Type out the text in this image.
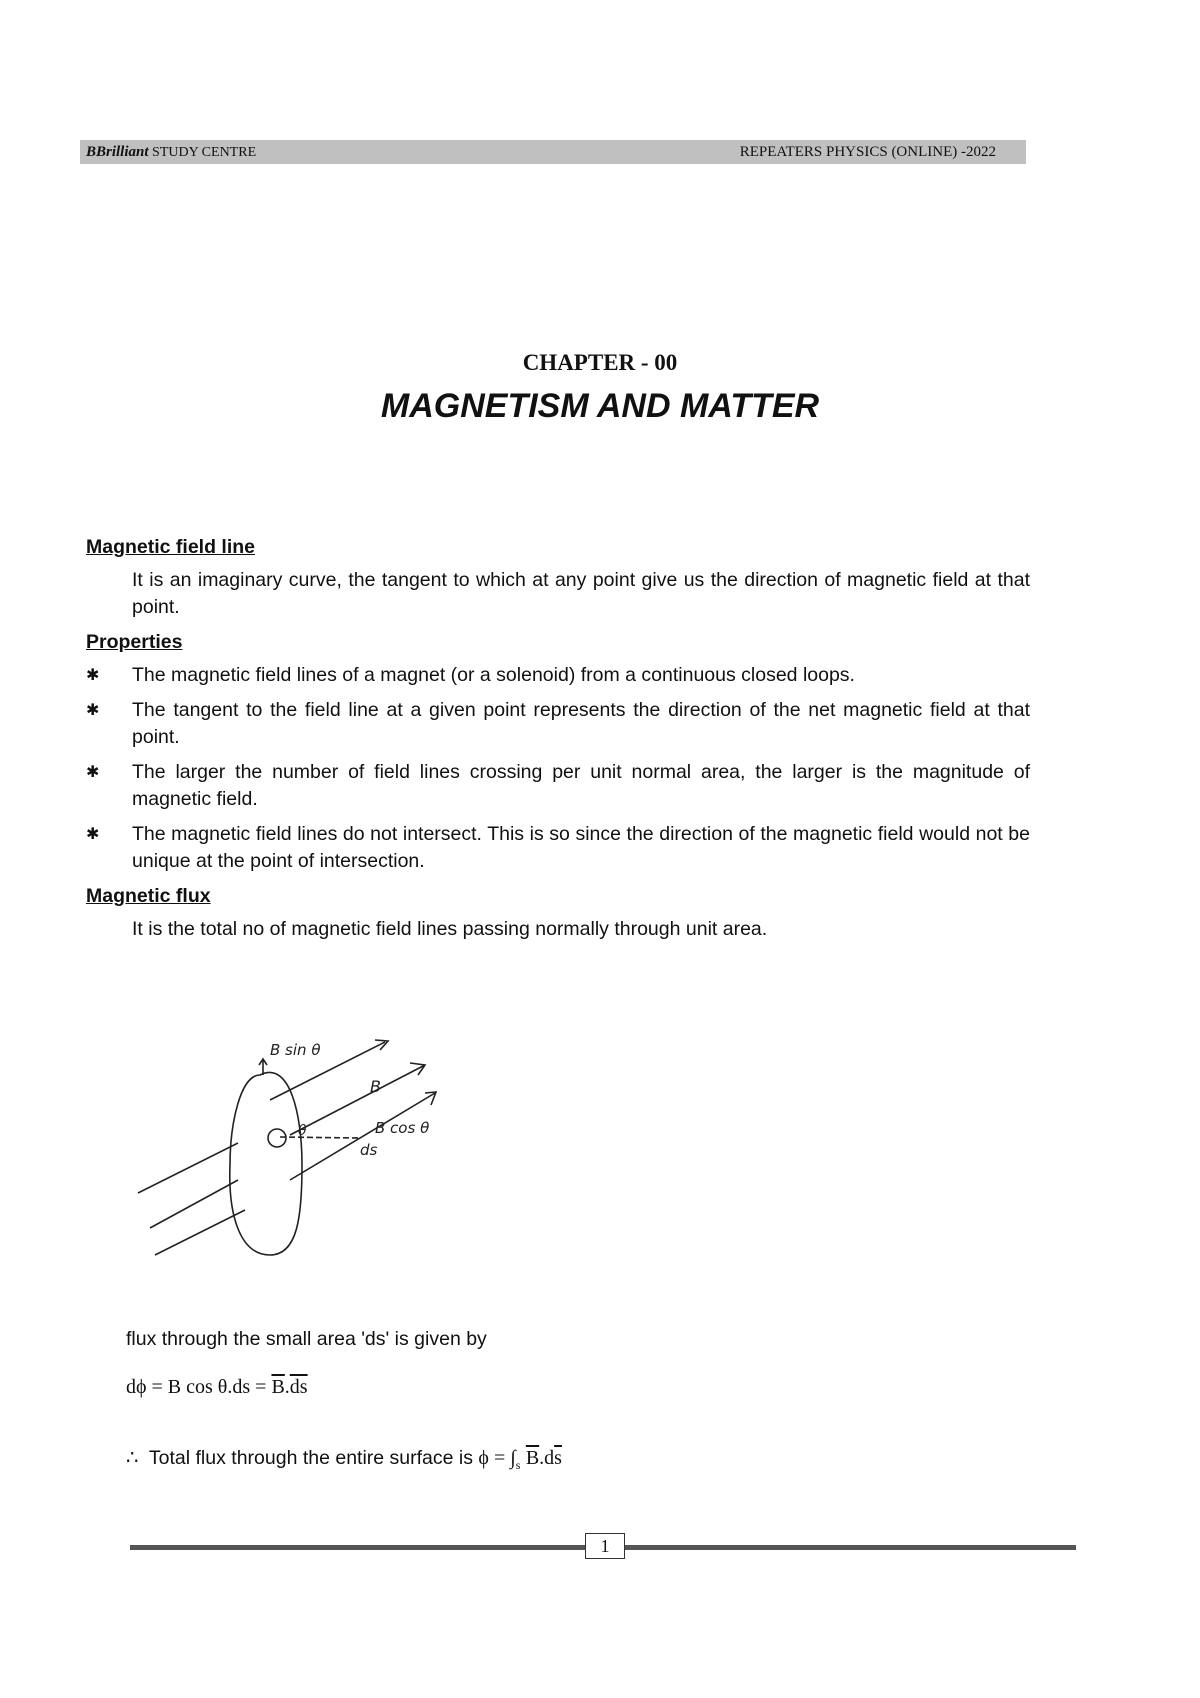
BBrilliant STUDY CENTRE	REPEATERS PHYSICS (ONLINE) -2022
CHAPTER - 00
MAGNETISM AND MATTER
Magnetic field line

It is an imaginary curve, the tangent to which at any point give us the direction of magnetic field at that point.

Properties
✱ The magnetic field lines of a magnet (or a solenoid) from a continuous closed loops.
✱ The tangent to the field line at a given point represents the direction of the net magnetic field at that point.
✱ The larger the number of field lines crossing per unit normal area, the larger is the magnitude of magnetic field.
✱ The magnetic field lines do not intersect. This is so since the direction of the magnetic field would not be unique at the point of intersection.
Magnetic flux

It is the total no of magnetic field lines passing normally through unit area.

B sin θ
B
B cos θ
ds
θ
flux through the small area 'ds' is given by
dϕ = B $\cos \theta.ds = \overline{B}.\overline{ds}$
∴ Total flux through the entire surface is $\phi = \int_s$ $\overline{B}.d\overline{s}$
1
